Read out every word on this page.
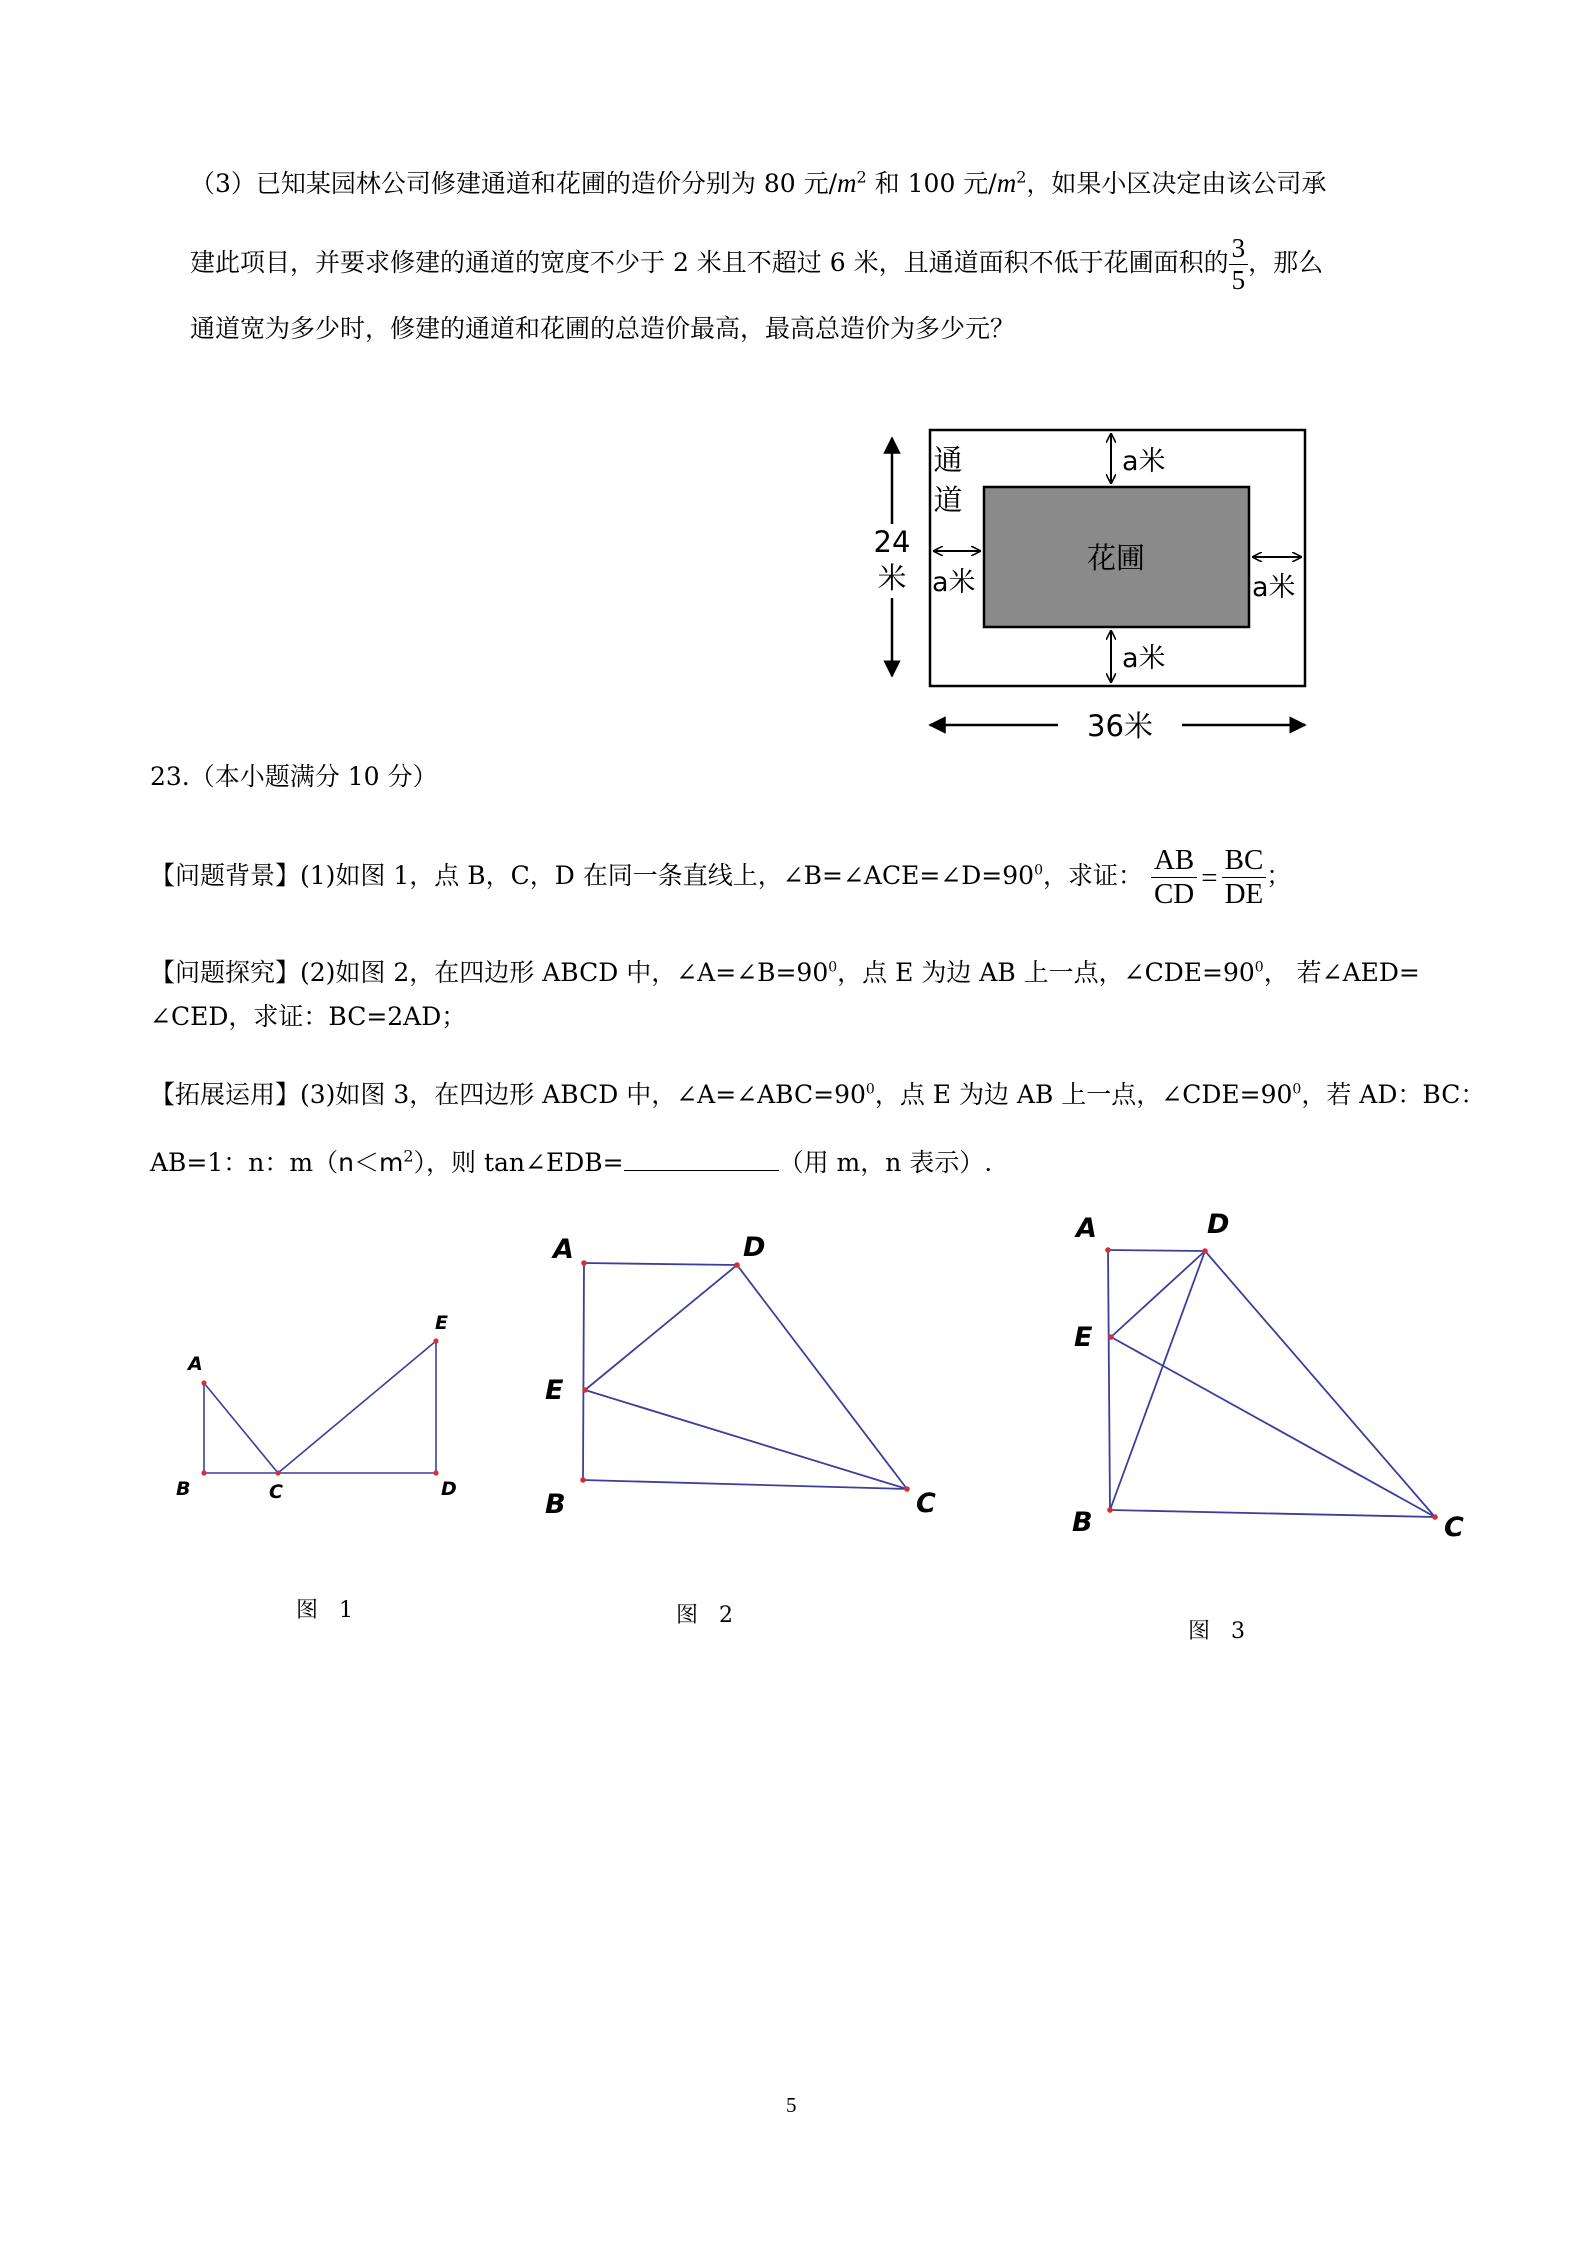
（3）已知某园林公司修建通道和花圃的造价分别为 80 元$/m^2$ 和 100 元$/m^2$，如果小区决定由该公司承
建此项目，并要求修建的通道的宽度不少于 2 米且不超过 6 米，且通道面积不低于花圃面积的 $\frac{3}{5}$ ，那么
通道宽为多少时，修建的通道和花圃的总造价最高，最高总造价为多少元？
花圃
通
道
a米
a米
a米	a米
24
米
36米
23.（本小题满分 10 分）
【问题背景】(1)如图 1，点 B，C，D 在同一条直线上，$\angle B=\angle ACE=\angle D=90^0$，求证： $\frac{AB}{CD} = \frac{BC}{DE}$ ；
【问题探究】(2)如图 2，在四边形 ABCD 中，$\angle A=\angle B=90^0$，点 E 为边 AB 上一点，$\angle CDE=90^0$， 若∠AED=
∠CED，求证：BC=2AD；
【拓展运用】(3)如图 3，在四边形 ABCD 中，$\angle A=\angle ABC=90^0$，点 E 为边 AB 上一点，$\angle CDE=90^0$，若 AD：BC：
AB=1：n：$m(n<m^2)$，则 tan∠EDB=	（用 m，n 表示）.
A
B	C	D
E
图   1
A	D
E
B	C
图   2
A	D
E
B	C
图   3
5
